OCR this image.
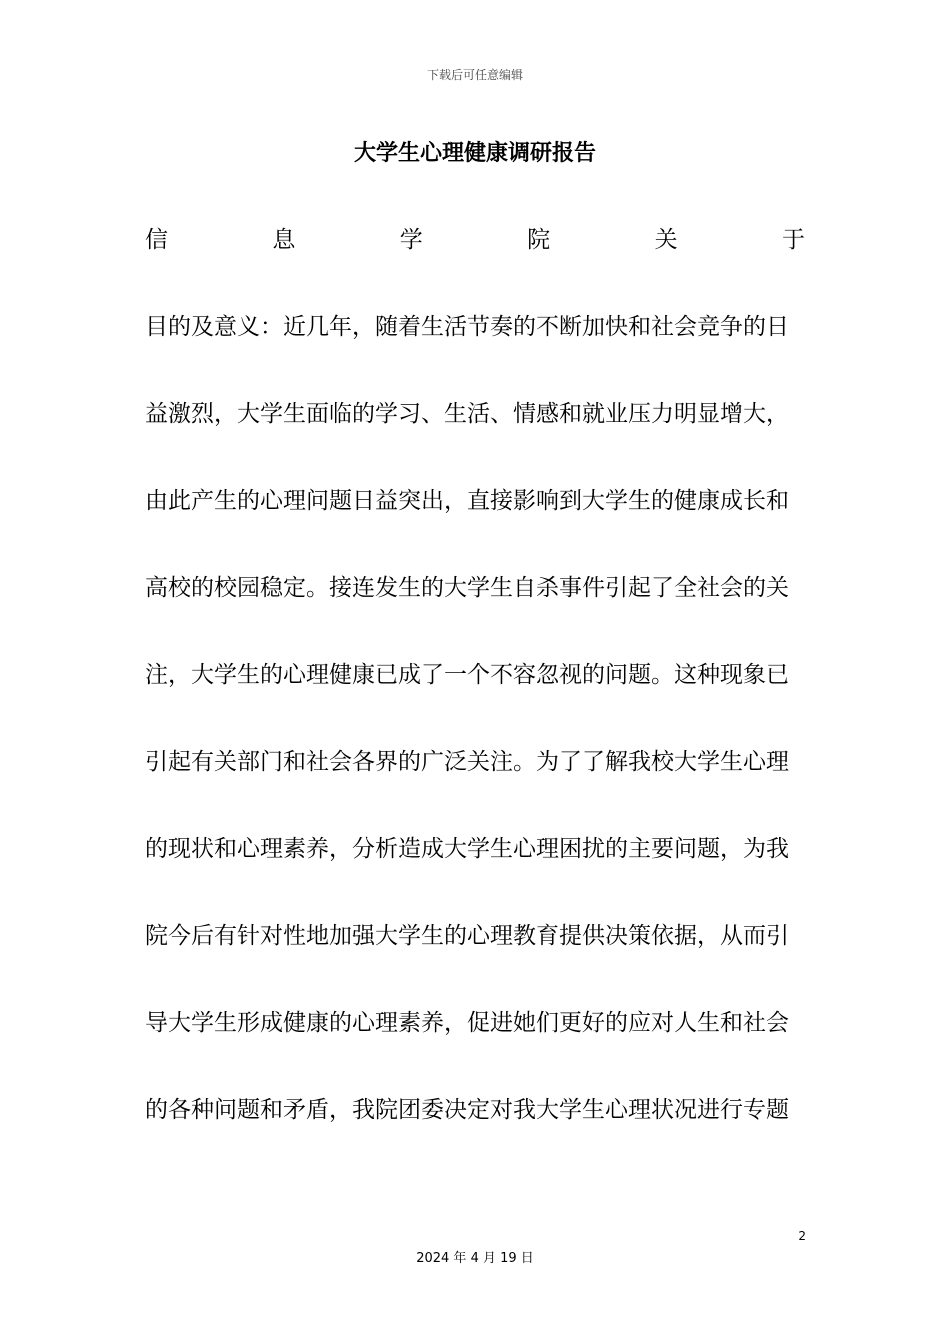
下载后可任意编辑
大学生心理健康调研报告
信	息	学	院	关	于
目的及意义：近几年，随着生活节奏的不断加快和社会竞争的日
益激烈，大学生面临的学习、生活、情感和就业压力明显增大，
由此产生的心理问题日益突出，直接影响到大学生的健康成长和
高校的校园稳定。接连发生的大学生自杀事件引起了全社会的关
注，大学生的心理健康已成了一个不容忽视的问题。这种现象已
引起有关部门和社会各界的广泛关注。为了了解我校大学生心理
的现状和心理素养，分析造成大学生心理困扰的主要问题，为我
院今后有针对性地加强大学生的心理教育提供决策依据，从而引
导大学生形成健康的心理素养，促进她们更好的应对人生和社会
的各种问题和矛盾，我院团委决定对我大学生心理状况进行专题
2
2024 年 4 月 19 日
